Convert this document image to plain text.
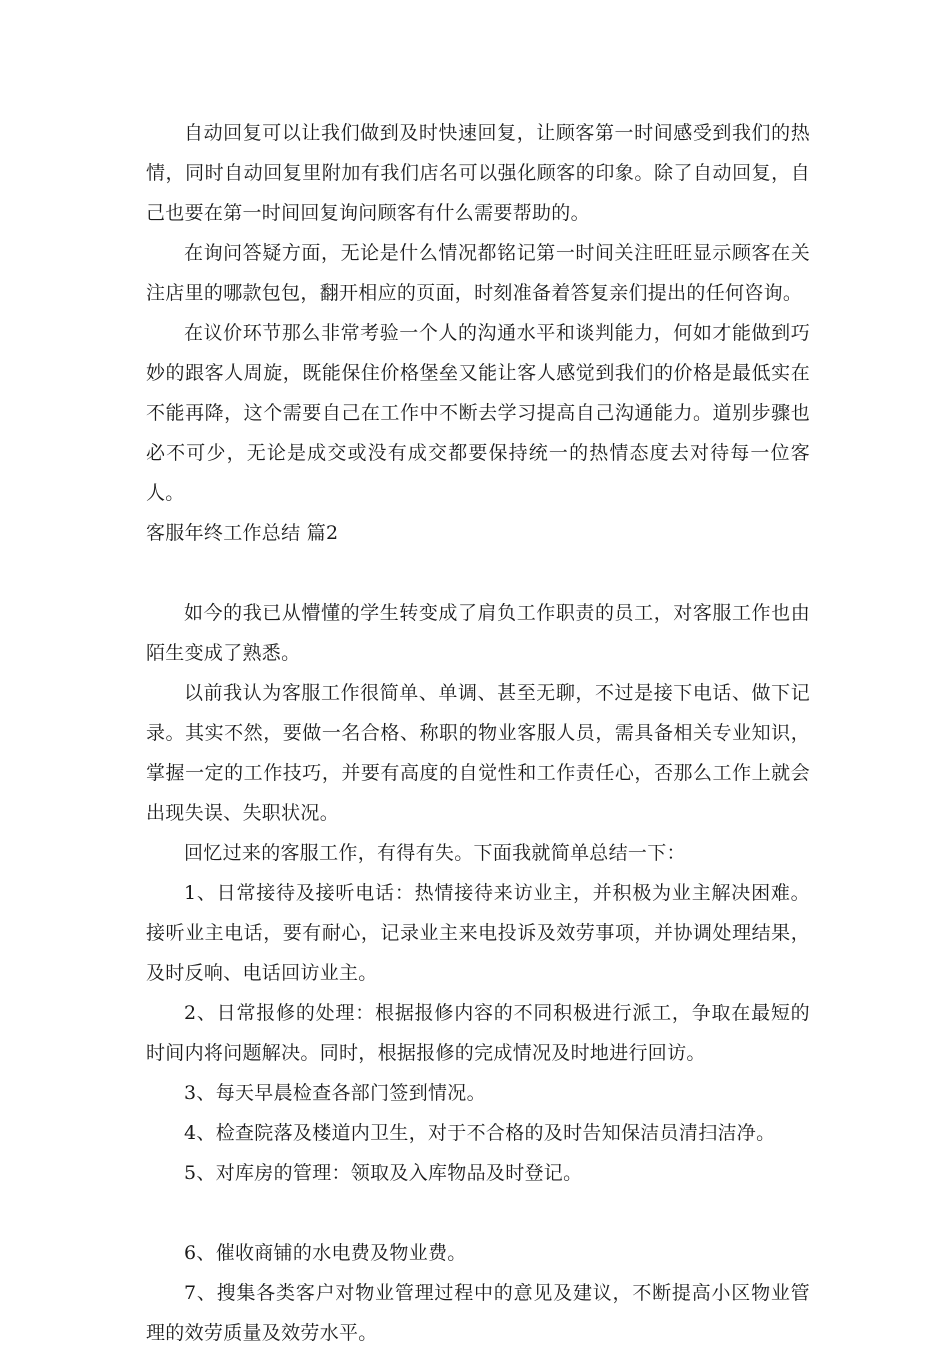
自动回复可以让我们做到及时快速回复，让顾客第一时间感受到我们的热情，同时自动回复里附加有我们店名可以强化顾客的印象。除了自动回复，自己也要在第一时间回复询问顾客有什么需要帮助的。

在询问答疑方面，无论是什么情况都铭记第一时间关注旺旺显示顾客在关注店里的哪款包包，翻开相应的页面，时刻准备着答复亲们提出的任何咨询。

在议价环节那么非常考验一个人的沟通水平和谈判能力，何如才能做到巧妙的跟客人周旋，既能保住价格堡垒又能让客人感觉到我们的价格是最低实在不能再降，这个需要自己在工作中不断去学习提高自己沟通能力。道别步骤也必不可少，无论是成交或没有成交都要保持统一的热情态度去对待每一位客人。

客服年终工作总结 篇2

如今的我已从懵懂的学生转变成了肩负工作职责的员工，对客服工作也由陌生变成了熟悉。

以前我认为客服工作很简单、单调、甚至无聊，不过是接下电话、做下记录。其实不然，要做一名合格、称职的物业客服人员，需具备相关专业知识，掌握一定的工作技巧，并要有高度的自觉性和工作责任心，否那么工作上就会出现失误、失职状况。

回忆过来的客服工作，有得有失。下面我就简单总结一下：

1、日常接待及接听电话：热情接待来访业主，并积极为业主解决困难。接听业主电话，要有耐心，记录业主来电投诉及效劳事项，并协调处理结果，及时反响、电话回访业主。

2、日常报修的处理：根据报修内容的不同积极进行派工，争取在最短的时间内将问题解决。同时，根据报修的完成情况及时地进行回访。

3、每天早晨检查各部门签到情况。

4、检查院落及楼道内卫生，对于不合格的及时告知保洁员清扫洁净。

5、对库房的管理：领取及入库物品及时登记。

6、催收商铺的水电费及物业费。

7、搜集各类客户对物业管理过程中的意见及建议，不断提高小区物业管理的效劳质量及效劳水平。
